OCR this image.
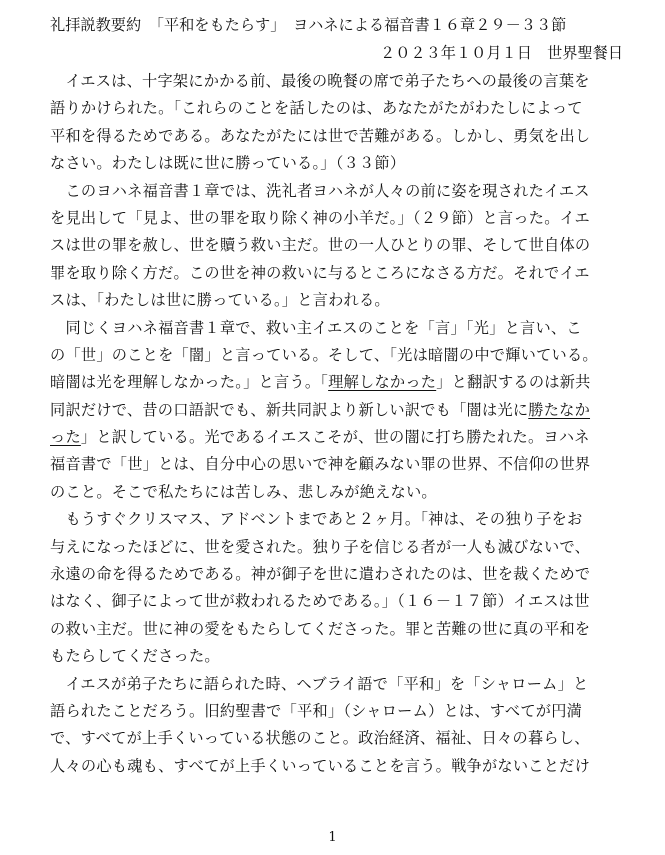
礼拝説教要約　「平和をもたらす」　ヨハネによる福音書１６章２９－３３節
２０２３年１０月１日　世界聖餐日
　イエスは、十字架にかかる前、最後の晩餐の席で弟子たちへの最後の言葉を
語りかけられた。「これらのことを話したのは、あなたがたがわたしによって
平和を得るためである。あなたがたには世で苦難がある。しかし、勇気を出し
なさい。わたしは既に世に勝っている。」（３３節）
　このヨハネ福音書１章では、洗礼者ヨハネが人々の前に姿を現されたイエス
を見出して「見よ、世の罪を取り除く神の小羊だ。」（２９節）と言った。イエ
スは世の罪を赦し、世を贖う救い主だ。世の一人ひとりの罪、そして世自体の
罪を取り除く方だ。この世を神の救いに与るところになさる方だ。それでイエ
スは、「わたしは世に勝っている。」と言われる。
　同じくヨハネ福音書１章で、救い主イエスのことを「言」「光」と言い、こ
の「世」のことを「闇」と言っている。そして、「光は暗闇の中で輝いている。
暗闇は光を理解しなかった。」と言う。「理解しなかった」と翻訳するのは新共
同訳だけで、昔の口語訳でも、新共同訳より新しい訳でも「闇は光に勝たなか
った」と訳している。光であるイエスこそが、世の闇に打ち勝たれた。ヨハネ
福音書で「世」とは、自分中心の思いで神を顧みない罪の世界、不信仰の世界
のこと。そこで私たちには苦しみ、悲しみが絶えない。
　もうすぐクリスマス、アドベントまであと２ヶ月。「神は、その独り子をお
与えになったほどに、世を愛された。独り子を信じる者が一人も滅びないで、
永遠の命を得るためである。神が御子を世に遣わされたのは、世を裁くためで
はなく、御子によって世が救われるためである。」（１６－１７節）イエスは世
の救い主だ。世に神の愛をもたらしてくださった。罪と苦難の世に真の平和を
もたらしてくださった。
　イエスが弟子たちに語られた時、ヘブライ語で「平和」を「シャローム」と
語られたことだろう。旧約聖書で「平和」（シャローム）とは、すべてが円満
で、すべてが上手くいっている状態のこと。政治経済、福祉、日々の暮らし、
人々の心も魂も、すべてが上手くいっていることを言う。戦争がないことだけ
1
